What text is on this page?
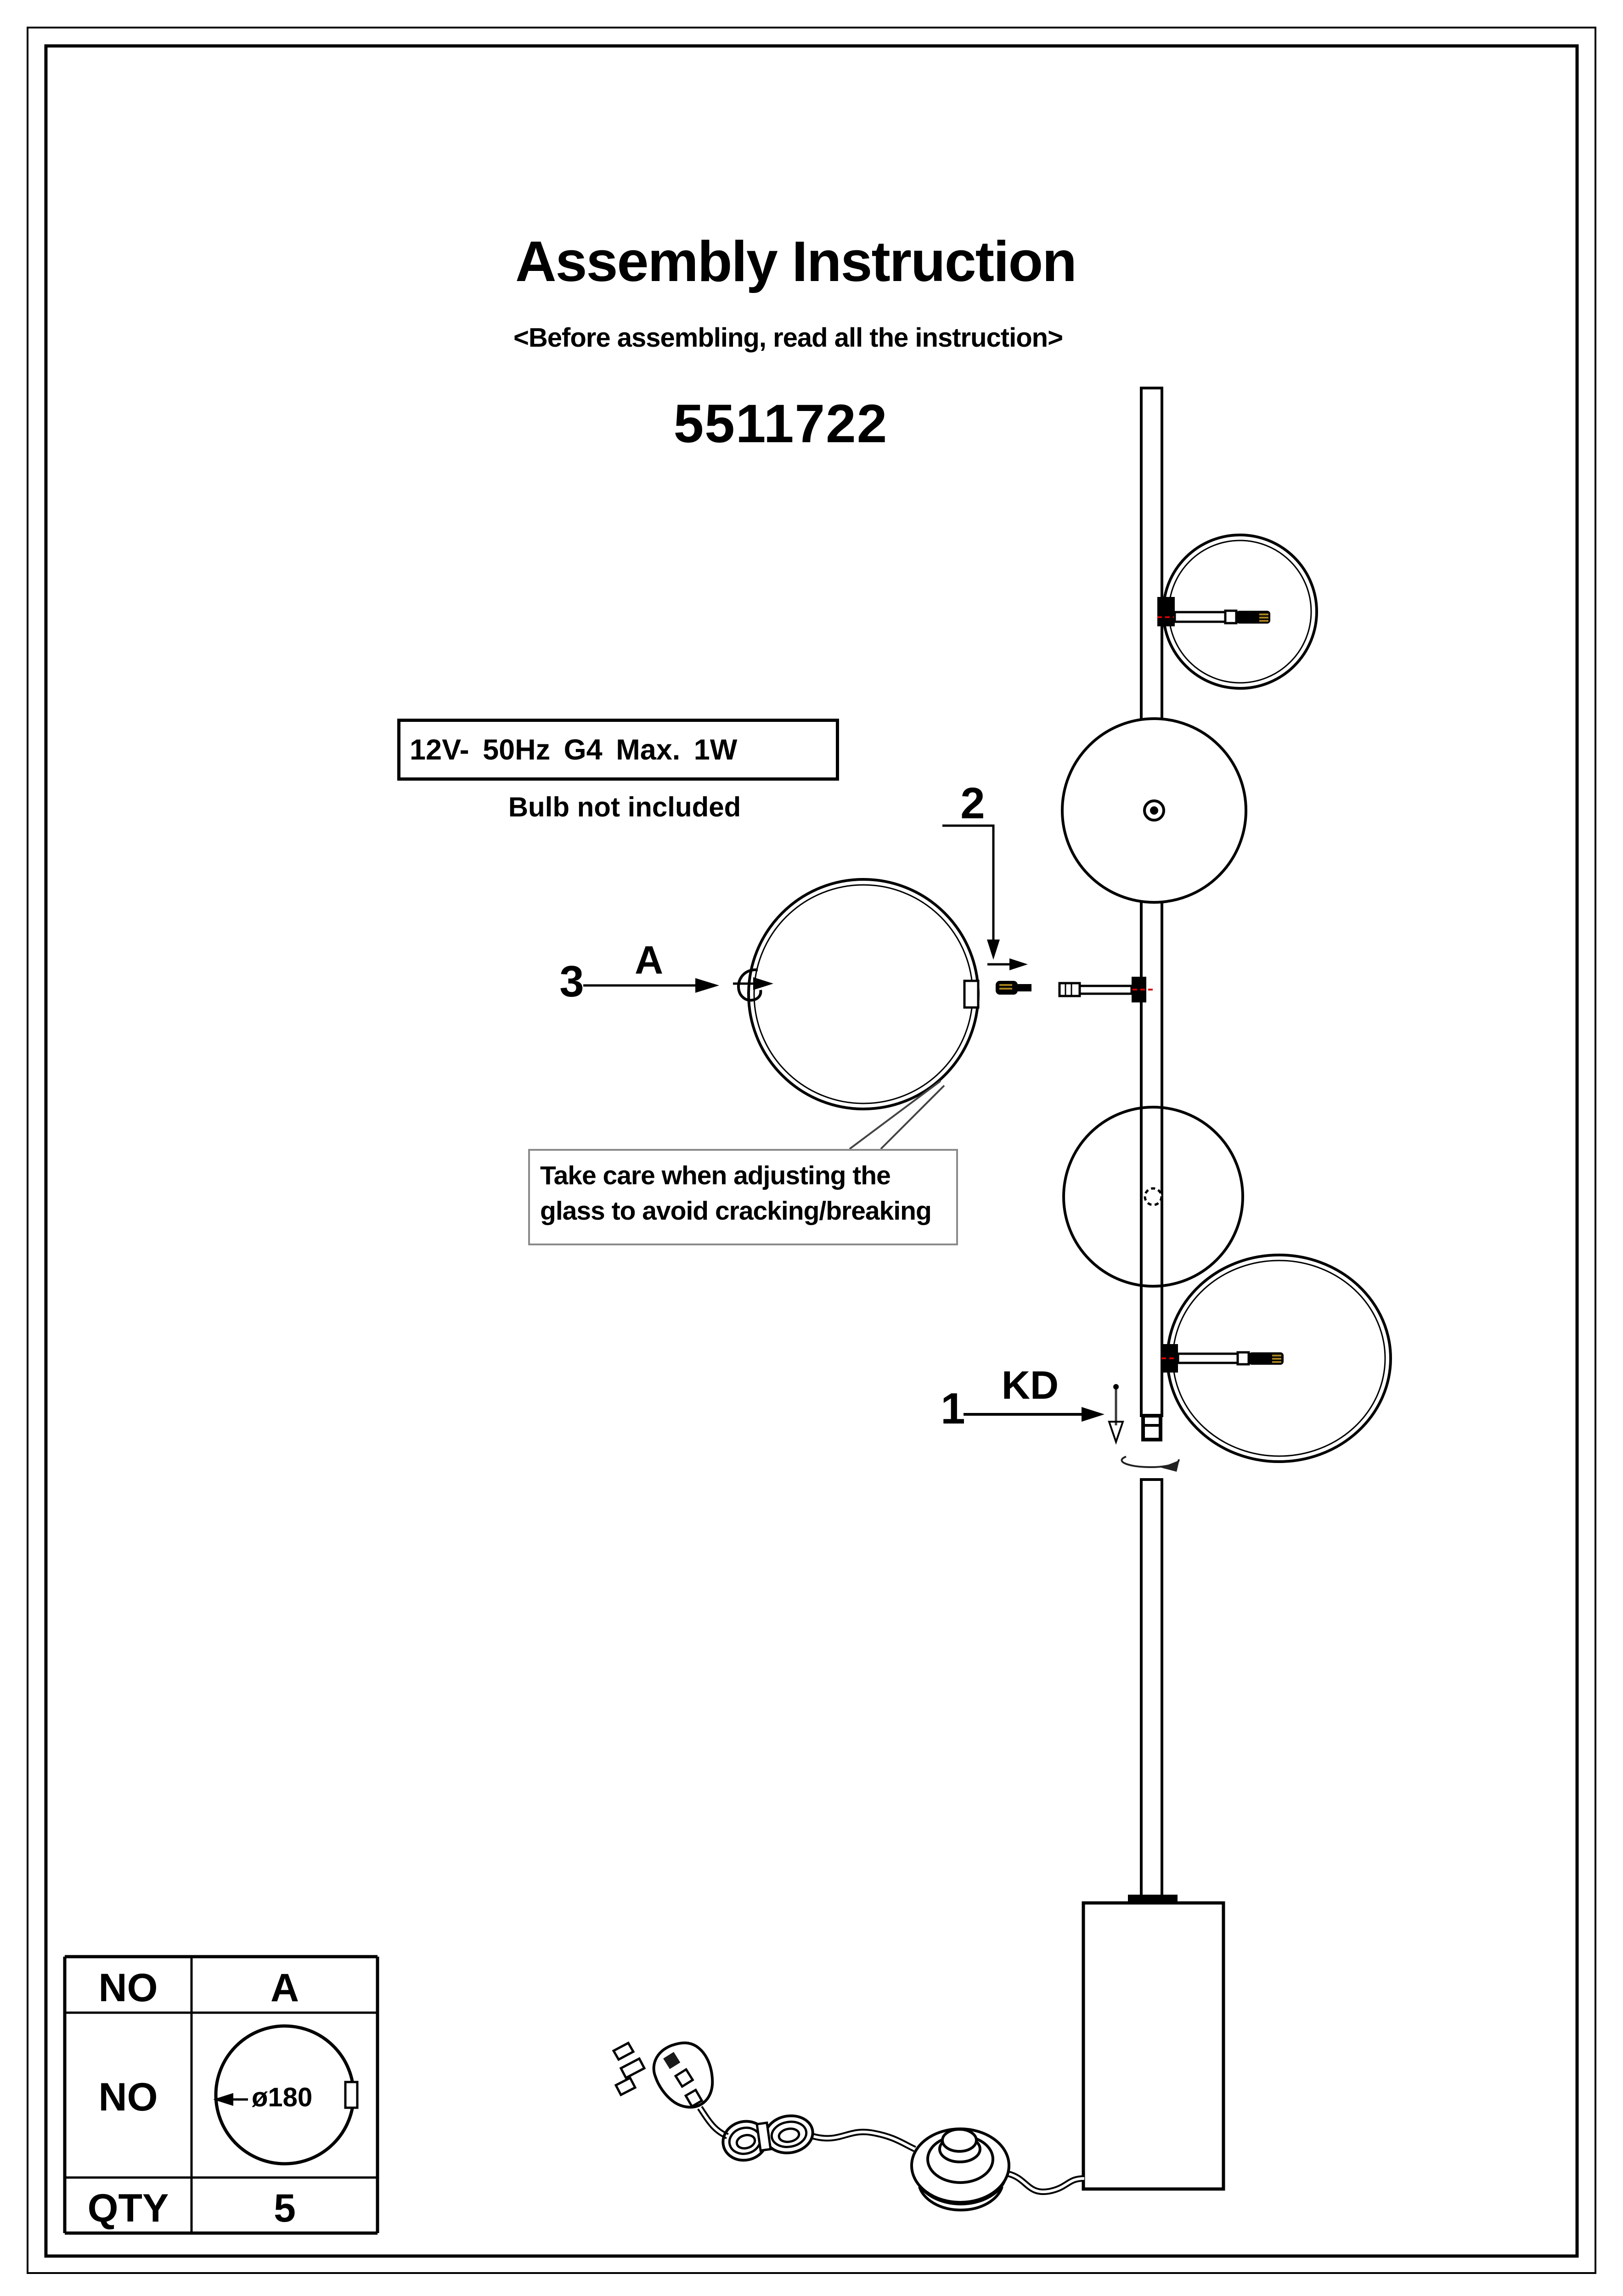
Assembly Instruction
<Before assembling, read all the instruction>
5511722
12V- 50Hz G4 Max. 1W
Bulb not included	2
3 A
1 KD
Take care when adjusting the
glass to avoid cracking/breaking
NO	A
NO	ø180
QTY	5
